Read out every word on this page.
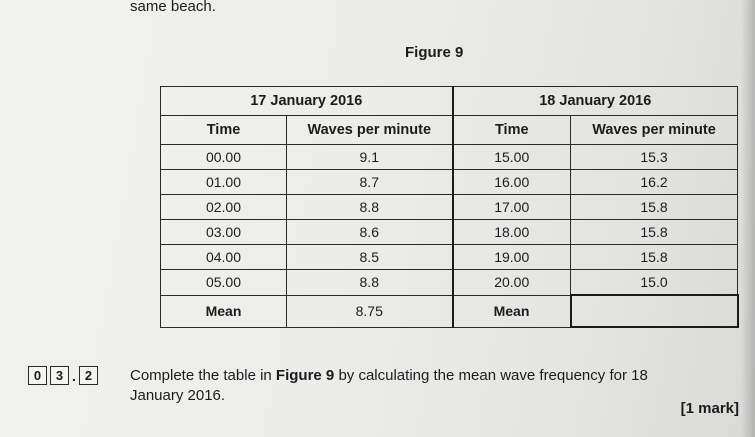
same beach.
Figure 9
17 January 2016		18 January 2016	
Time	Waves per minute	Time	Waves per minute
00.00	9.1	15.00	15.3
01.00	8.7	16.00	16.2
02.00	8.8	17.00	15.8
03.00	8.6	18.00	15.8
04.00	8.5	19.00	15.8
05.00	8.8	20.00	15.0
Mean	8.75	Mean	
0	3 . 2	Complete the table in Figure 9 by calculating the mean wave frequency for 18 January 2016.
[1 mark]
